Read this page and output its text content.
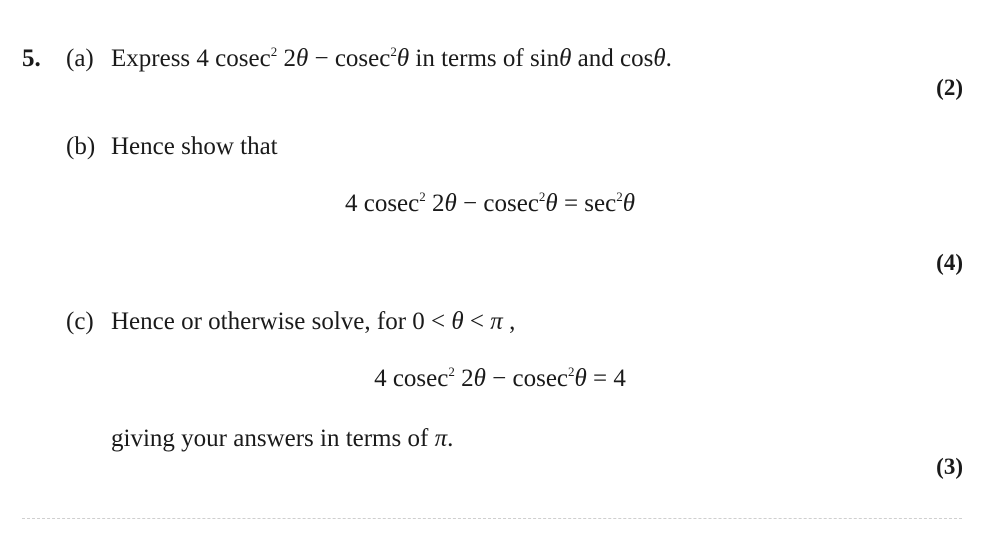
5. (a) Express 4 cosec$^2$ 2θ − cosec$^2$θ in terms of sinθ and cosθ.
(2)
(b) Hence show that
4 cosec$^2$ $2\theta - cosec^2\theta = \sec^2\theta$
(4)
(c) Hence or otherwise solve, for 0 < θ < π ,
4 cosec$^2$ 2θ − cosec$^2$θ = 4
giving your answers in terms of π.
(3)
